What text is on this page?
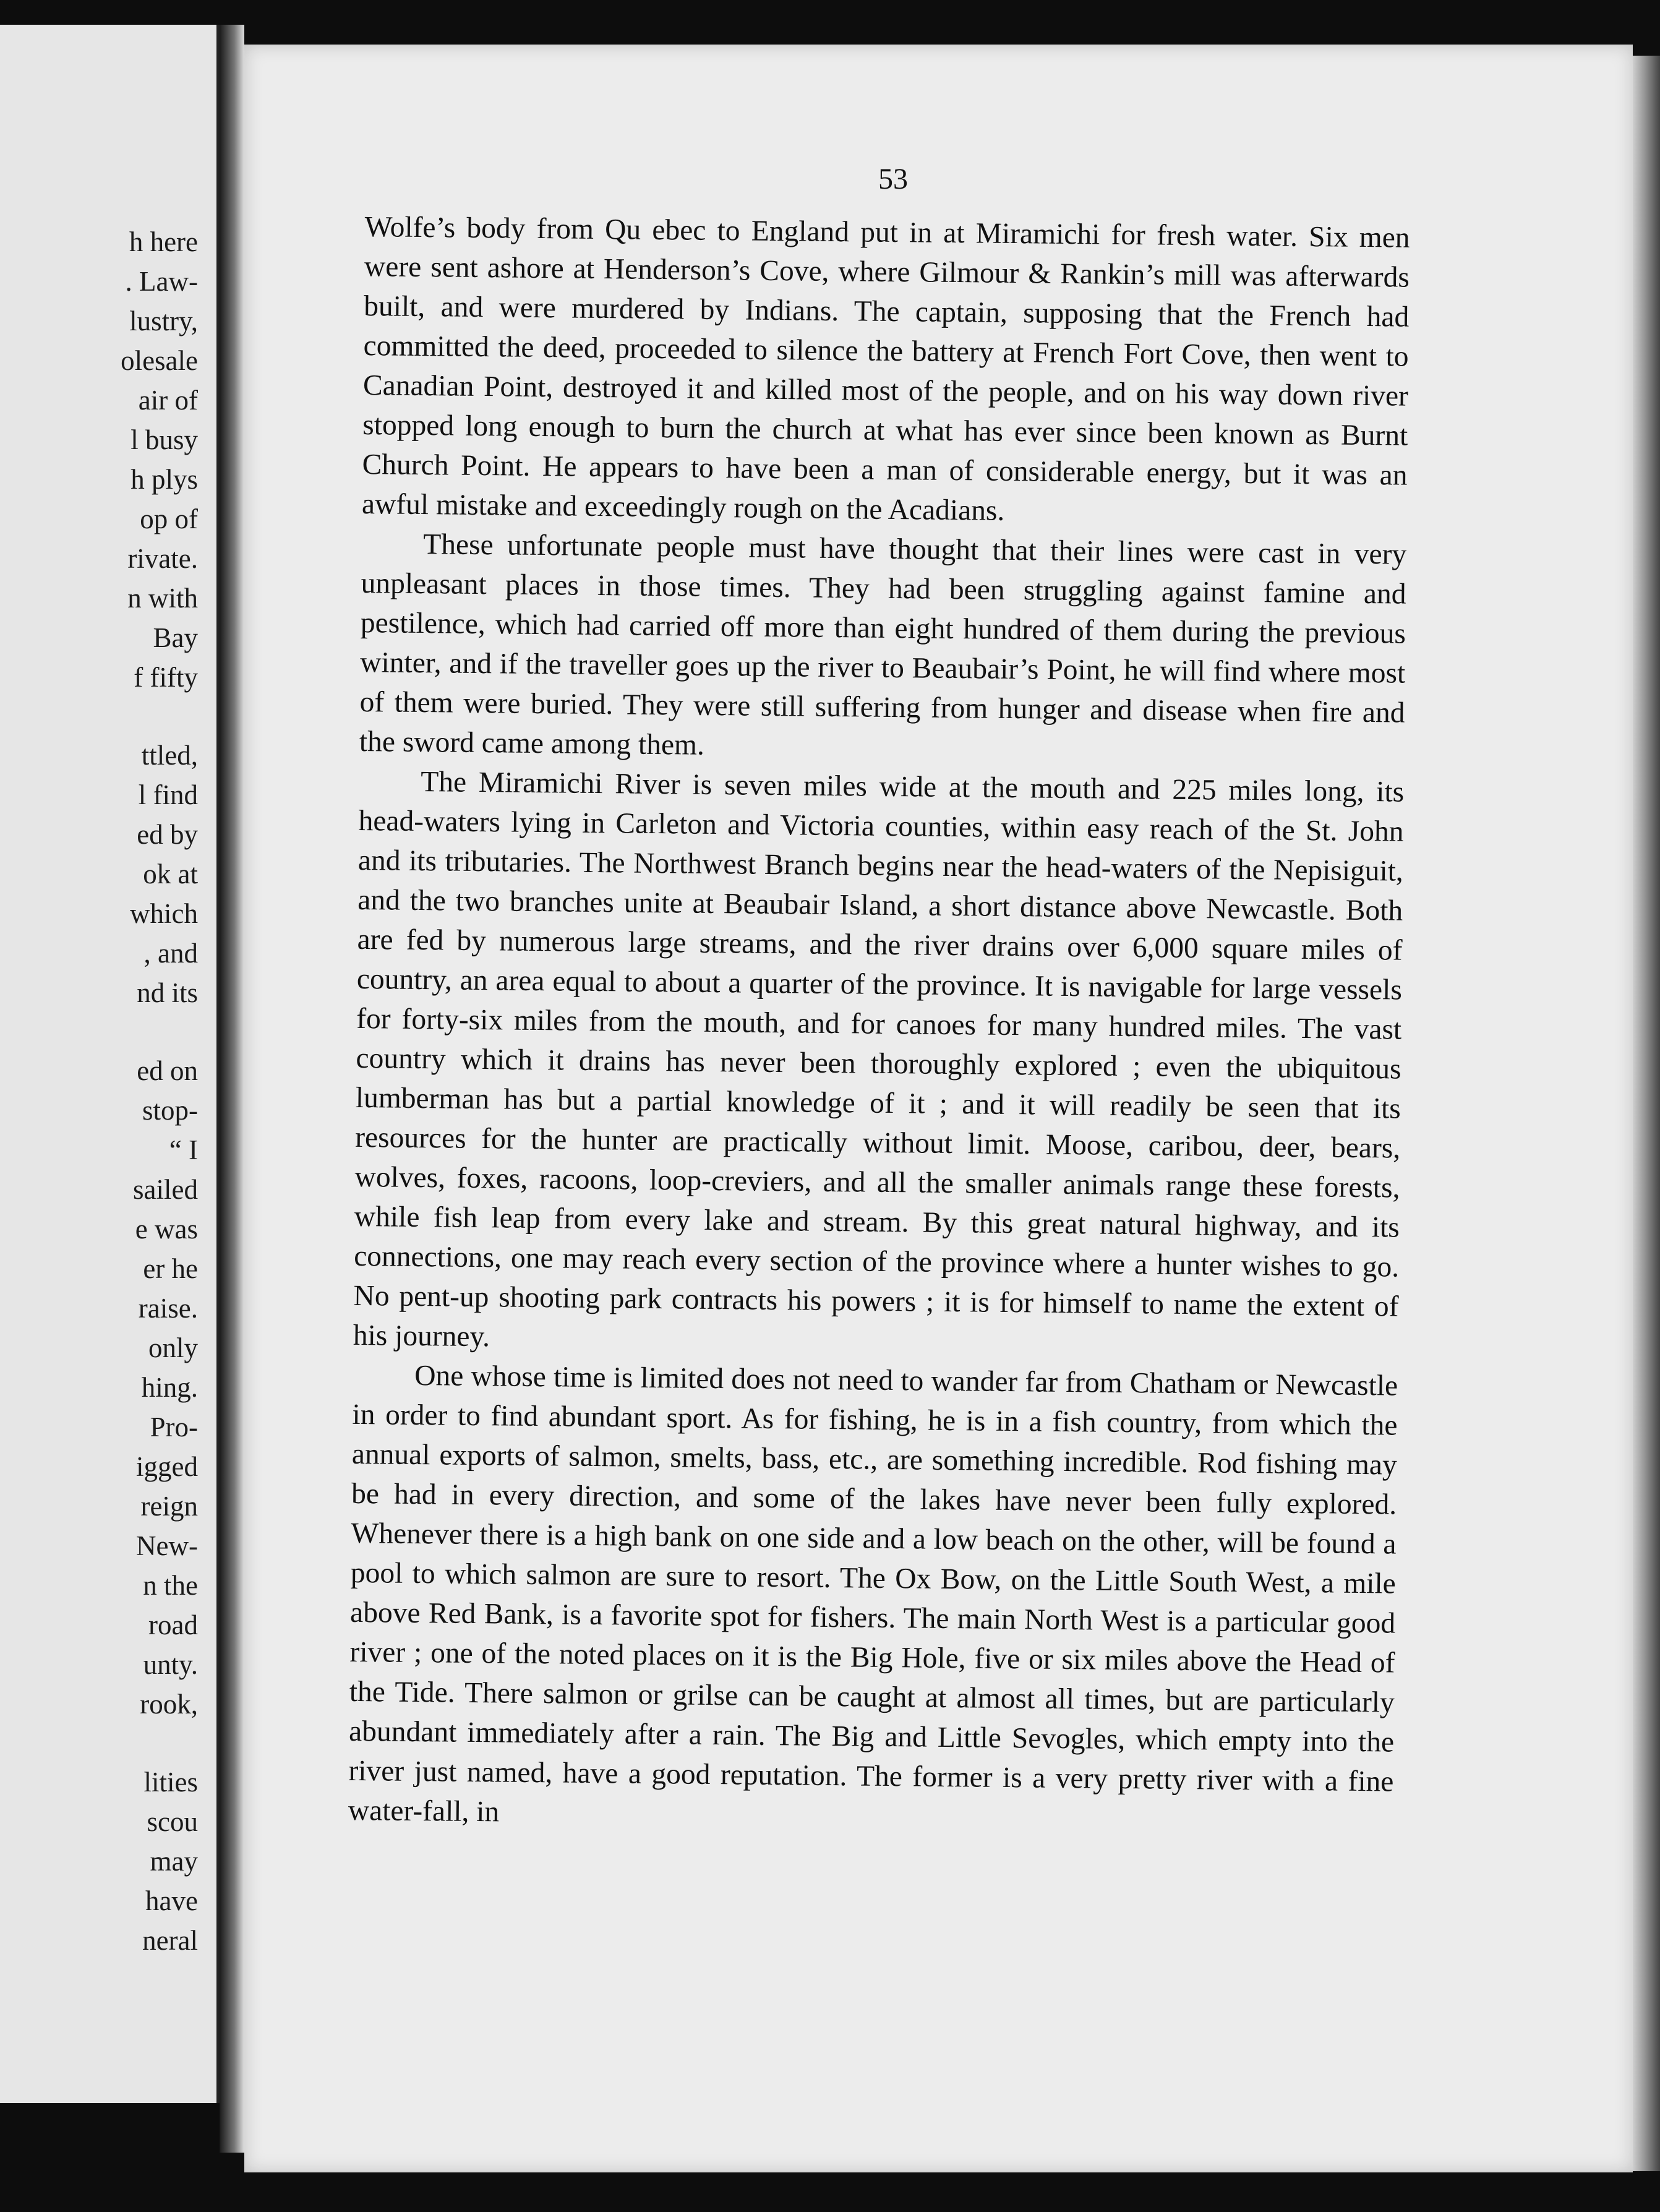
h here
. Law-
lustry,
olesale
air of
l busy
h plys
op of
rivate.
n with
Bay
f fifty
ttled,
l find
ed by
ok at
which
, and
nd its
ed on
stop-
“ I
sailed
e was
er he
raise.
only
hing.
Pro-
igged
reign
New-
n the
road
unty.
rook,
lities
scou
may
have
neral
53

Wolfe’s body from Qu ebec to England put in at Miramichi for fresh water. Six men were sent ashore at Henderson’s Cove, where Gilmour & Rankin’s mill was afterwards built, and were murdered by Indians. The captain, supposing that the French had committed the deed, proceeded to silence the battery at French Fort Cove, then went to Canadian Point, destroyed it and killed most of the people, and on his way down river stopped long enough to burn the church at what has ever since been known as Burnt Church Point. He appears to have been a man of considerable energy, but it was an awful mistake and exceedingly rough on the Acadians.

These unfortunate people must have thought that their lines were cast in very unpleasant places in those times. They had been struggling against famine and pestilence, which had carried off more than eight hundred of them during the previous winter, and if the traveller goes up the river to Beaubair’s Point, he will find where most of them were buried. They were still suffering from hunger and disease when fire and the sword came among them.

The Miramichi River is seven miles wide at the mouth and 225 miles long, its head-waters lying in Carleton and Victoria counties, within easy reach of the St. John and its tributaries. The Northwest Branch begins near the head-waters of the Nepisiguit, and the two branches unite at Beaubair Island, a short distance above Newcastle. Both are fed by numerous large streams, and the river drains over 6,000 square miles of country, an area equal to about a quarter of the province. It is navigable for large vessels for forty-six miles from the mouth, and for canoes for many hundred miles. The vast country which it drains has never been thoroughly explored ; even the ubiquitous lumberman has but a partial knowledge of it ; and it will readily be seen that its resources for the hunter are practically without limit. Moose, caribou, deer, bears, wolves, foxes, racoons, loop-creviers, and all the smaller animals range these forests, while fish leap from every lake and stream. By this great natural highway, and its connections, one may reach every section of the province where a hunter wishes to go. No pent-up shooting park contracts his powers ; it is for himself to name the extent of his journey.

One whose time is limited does not need to wander far from Chatham or Newcastle in order to find abundant sport. As for fishing, he is in a fish country, from which the annual exports of salmon, smelts, bass, etc., are something incredible. Rod fishing may be had in every direction, and some of the lakes have never been fully explored. Whenever there is a high bank on one side and a low beach on the other, will be found a pool to which salmon are sure to resort. The Ox Bow, on the Little South West, a mile above Red Bank, is a favorite spot for fishers. The main North West is a particular good river ; one of the noted places on it is the Big Hole, five or six miles above the Head of the Tide. There salmon or grilse can be caught at almost all times, but are particularly abundant immediately after a rain. The Big and Little Sevogles, which empty into the river just named, have a good reputation. The former is a very pretty river with a fine water-fall, in
